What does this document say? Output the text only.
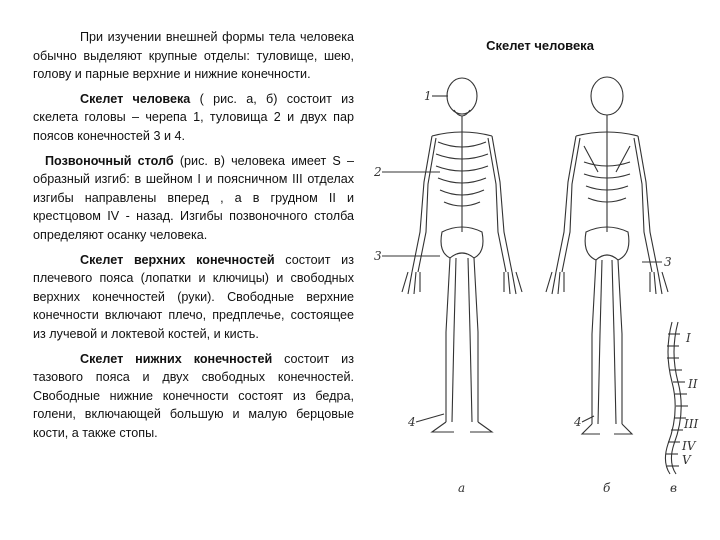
При изучении внешней формы тела человека обычно выделяют крупные отделы: туловище, шею, голову и парные верхние и нижние конечности.

Скелет человека ( рис. а, б) состоит из скелета головы – черепа 1, туловища 2 и двух пар поясов конечностей 3 и 4.

Позвоночный столб (рис. в) человека имеет S – образный изгиб: в шейном I и поясничном III отделах изгибы направлены вперед , а в грудном II и крестцовом IV - назад. Изгибы позвоночного столба определяют осанку человека.

Скелет верхних конечностей состоит из плечевого пояса (лопатки и ключицы) и свободных верхних конечностей (руки). Свободные верхние конечности включают плечо, предплечье, состоящее из лучевой и локтевой костей, и кисть.

Скелет нижних конечностей состоит из тазового пояса и двух свободных конечностей. Свободные нижние конечности состоят из бедра, голени, включающей большую и малую берцовые кости, а также стопы.

Скелет человека
1
2
3
4
а
3
4
б
I
II
III
IV
V
в
